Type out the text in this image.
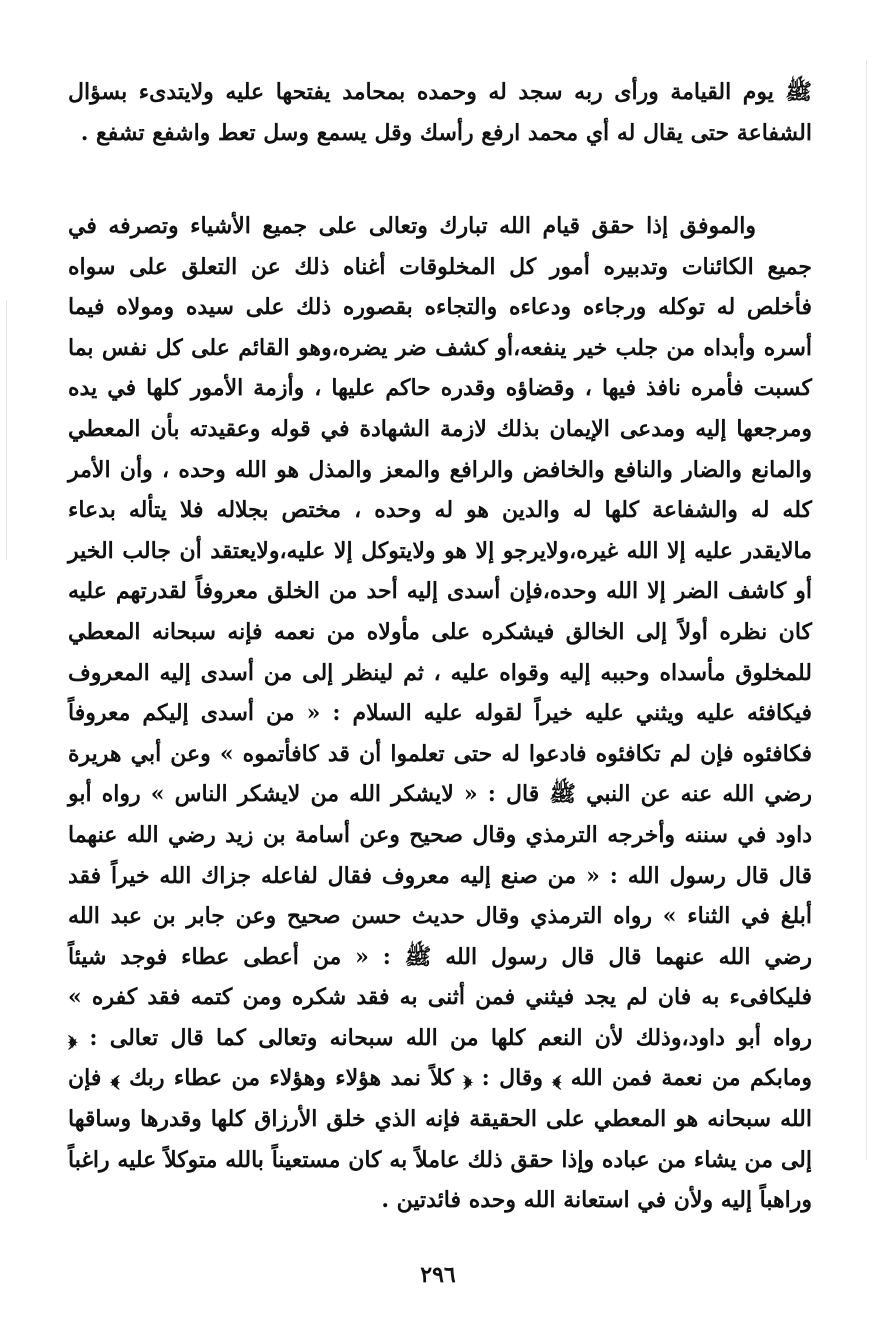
ﷺ يوم القيامة ورأى ربه سجد له وحمده بمحامد يفتحها عليه ولايتدىء بسؤال الشفاعة حتى يقال له أي محمد ارفع رأسك وقل يسمع وسل تعط واشفع تشفع .

والموفق إذا حقق قيام الله تبارك وتعالى على جميع الأشياء وتصرفه في جميع الكائنات وتدبيره أمور كل المخلوقات أغناه ذلك عن التعلق على سواه فأخلص له توكله ورجاءه ودعاءه والتجاءه بقصوره ذلك على سيده ومولاه فيما أسره وأبداه من جلب خير ينفعه،أو كشف ضر يضره،وهو القائم على كل نفس بما كسبت فأمره نافذ فيها ، وقضاؤه وقدره حاكم عليها ، وأزمة الأمور كلها في يده ومرجعها إليه ومدعى الإيمان بذلك لازمة الشهادة في قوله وعقيدته بأن المعطي والمانع والضار والنافع والخافض والرافع والمعز والمذل هو الله وحده ، وأن الأمر كله له والشفاعة كلها له والدين هو له وحده ، مختص بجلاله فلا يتأله بدعاء مالايقدر عليه إلا الله غيره،ولايرجو إلا هو ولايتوكل إلا عليه،ولايعتقد أن جالب الخير أو كاشف الضر إلا الله وحده،فإن أسدى إليه أحد من الخلق معروفاً لقدرتهم عليه كان نظره أولاً إلى الخالق فيشكره على مأولاه من نعمه فإنه سبحانه المعطي للمخلوق مأسداه وحببه إليه وقواه عليه ، ثم لينظر إلى من أسدى إليه المعروف فيكافئه عليه ويثني عليه خيراً لقوله عليه السلام : « من أسدى إليكم معروفاً فكافئوه فإن لم تكافئوه فادعوا له حتى تعلموا أن قد كافأتموه » وعن أبي هريرة رضي الله عنه عن النبي ﷺ قال : « لايشكر الله من لايشكر الناس » رواه أبو داود في سننه وأخرجه الترمذي وقال صحيح وعن أسامة بن زيد رضي الله عنهما قال قال رسول الله : « من صنع إليه معروف فقال لفاعله جزاك الله خيراً فقد أبلغ في الثناء » رواه الترمذي وقال حديث حسن صحيح وعن جابر بن عبد الله رضي الله عنهما قال قال رسول الله ﷺ : « من أعطى عطاء فوجد شيئاً فليكافىء به فان لم يجد فيثني فمن أثنى به فقد شكره ومن كتمه فقد كفره » رواه أبو داود،وذلك لأن النعم كلها من الله سبحانه وتعالى كما قال تعالى : ﴿ ومابكم من نعمة فمن الله ﴾ وقال : ﴿ كلاً نمد هؤلاء وهؤلاء من عطاء ربك ﴾ فإن الله سبحانه هو المعطي على الحقيقة فإنه الذي خلق الأرزاق كلها وقدرها وساقها إلى من يشاء من عباده وإذا حقق ذلك عاملاً به كان مستعيناً بالله متوكلاً عليه راغباً وراهباً إليه ولأن في استعانة الله وحده فائدتين .

٢٩٦
